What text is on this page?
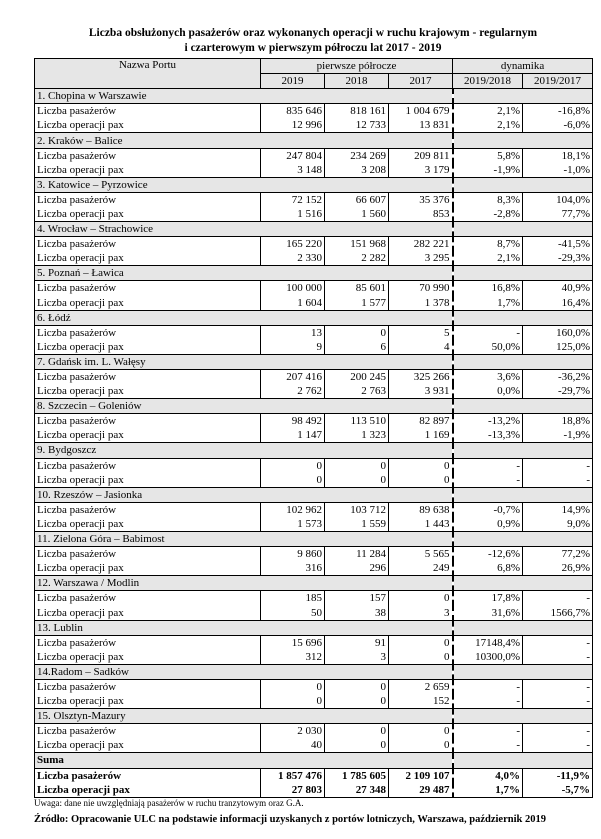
Liczba obsłużonych pasażerów oraz wykonanych operacji w ruchu krajowym - regularnym
i czarterowym w pierwszym półroczu lat 2017 - 2019
Nazwa Portu	pierwsze półrocze			dynamika	
	2019	2018	2017	2019/2018	2019/2017
1. Chopina w Warszawie					
Liczba pasażerów	835 646	818 161	1 004 679	2,1%	-16,8%
Liczba operacji pax	12 996	12 733	13 831	2,1%	-6,0%
2. Kraków – Balice					
Liczba pasażerów	247 804	234 269	209 811	5,8%	18,1%
Liczba operacji pax	3 148	3 208	3 179	-1,9%	-1,0%
3. Katowice – Pyrzowice					
Liczba pasażerów	72 152	66 607	35 376	8,3%	104,0%
Liczba operacji pax	1 516	1 560	853	-2,8%	77,7%
4. Wrocław – Strachowice					
Liczba pasażerów	165 220	151 968	282 221	8,7%	-41,5%
Liczba operacji pax	2 330	2 282	3 295	2,1%	-29,3%
5. Poznań – Ławica					
Liczba pasażerów	100 000	85 601	70 990	16,8%	40,9%
Liczba operacji pax	1 604	1 577	1 378	1,7%	16,4%
6. Łódź					
Liczba pasażerów	13	0	5	-	160,0%
Liczba operacji pax	9	6	4	50,0%	125,0%
7. Gdańsk im. L. Wałęsy					
Liczba pasażerów	207 416	200 245	325 266	3,6%	-36,2%
Liczba operacji pax	2 762	2 763	3 931	0,0%	-29,7%
8. Szczecin – Goleniów					
Liczba pasażerów	98 492	113 510	82 897	-13,2%	18,8%
Liczba operacji pax	1 147	1 323	1 169	-13,3%	-1,9%
9. Bydgoszcz					
Liczba pasażerów	0	0	0	-	-
Liczba operacji pax	0	0	0	-	-
10. Rzeszów – Jasionka					
Liczba pasażerów	102 962	103 712	89 638	-0,7%	14,9%
Liczba operacji pax	1 573	1 559	1 443	0,9%	9,0%
11. Zielona Góra – Babimost					
Liczba pasażerów	9 860	11 284	5 565	-12,6%	77,2%
Liczba operacji pax	316	296	249	6,8%	26,9%
12. Warszawa / Modlin					
Liczba pasażerów	185	157	0	17,8%	-
Liczba operacji pax	50	38	3	31,6%	1566,7%
13. Lublin					
Liczba pasażerów	15 696	91	0	17148,4%	-
Liczba operacji pax	312	3	0	10300,0%	-
14.Radom – Sadków					
Liczba pasażerów	0	0	2 659	-	-
Liczba operacji pax	0	0	152	-	-
15. Olsztyn-Mazury					
Liczba pasażerów	2 030	0	0	-	-
Liczba operacji pax	40	0	0	-	-
Suma					
Liczba pasażerów	1 857 476	1 785 605	2 109 107	4,0%	-11,9%
Liczba operacji pax	27 803	27 348	29 487	1,7%	-5,7%
Uwaga: dane nie uwzględniają pasażerów w ruchu tranzytowym oraz G.A.
Źródło: Opracowanie ULC na podstawie informacji uzyskanych z portów lotniczych, Warszawa, październik 2019
